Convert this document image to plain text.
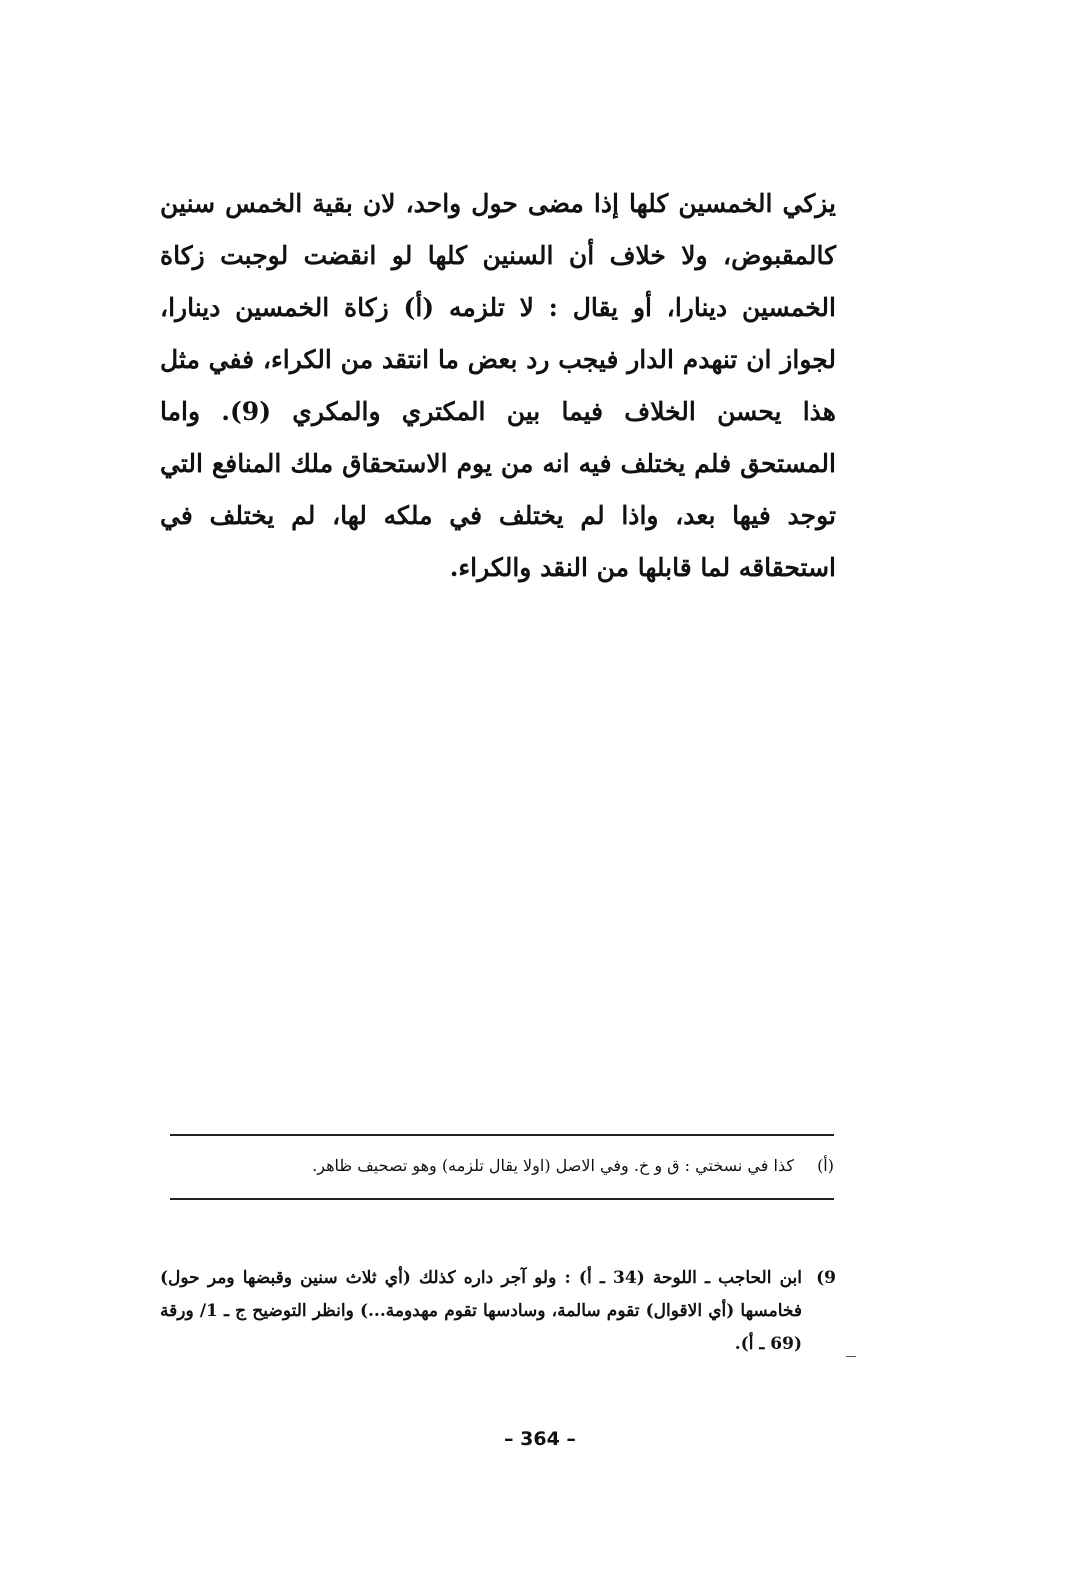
يزكي الخمسين كلها إذا مضى حول واحد، لان بقية الخمس سنين كالمقبوض، ولا خلاف أن السنين كلها لو انقضت لوجبت زكاة الخمسين دينارا، أو يقال : لا تلزمه (أ) زكاة الخمسين دينارا، لجواز ان تنهدم الدار فيجب رد بعض ما انتقد من الكراء، ففي مثل هذا يحسن الخلاف فيما بين المكتري والمكري (9). واما المستحق فلم يختلف فيه انه من يوم الاستحقاق ملك المنافع التي توجد فيها بعد، واذا لم يختلف في ملكه لها، لم يختلف في استحقاقه لما قابلها من النقد والكراء.

(أ) كذا في نسختي : ق و خ. وفي الاصل (اولا يقال تلزمه) وهو تصحيف ظاهر.
9)
ابن الحاجب ـ اللوحة (34 ـ أ) : ولو آجر داره كذلك (أي ثلاث سنين وقبضها ومر حول) فخامسها (أي الاقوال) تقوم سالمة، وسادسها تقوم مهدومة...) وانظر التوضيح ج ـ 1/ ورقة (69 ـ أ).
– 364 –
